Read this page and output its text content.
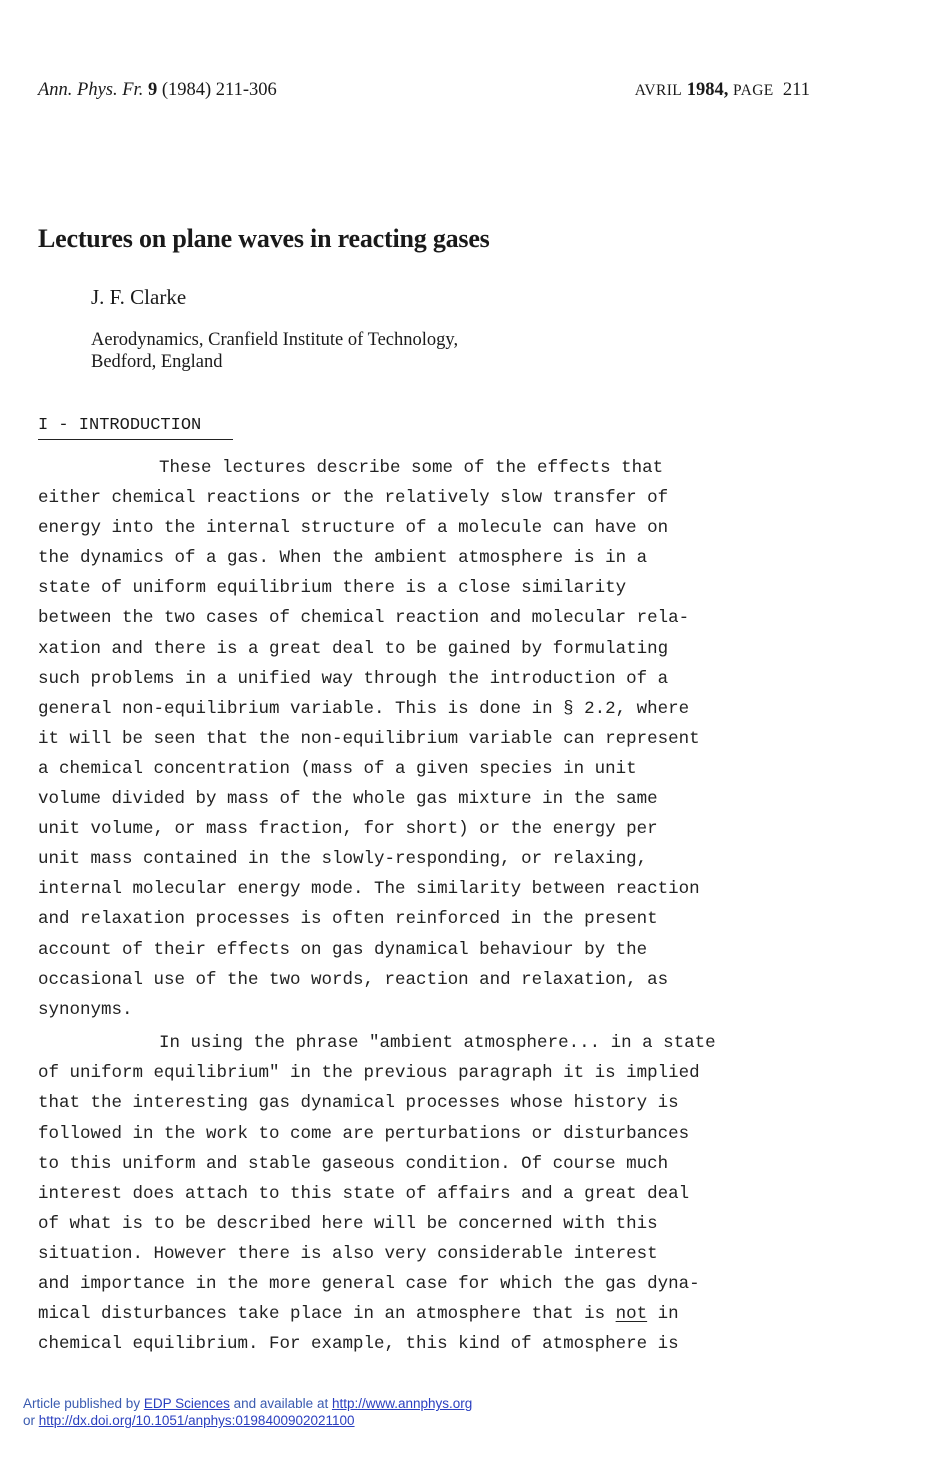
Ann. Phys. Fr. 9 (1984) 211-306	AVRIL 1984, PAGE 211
Lectures on plane waves in reacting gases
J. F. Clarke
Aerodynamics, Cranfield Institute of Technology,
Bedford, England
I - INTRODUCTION
These lectures describe some of the effects that
either chemical reactions or the relatively slow transfer of
energy into the internal structure of a molecule can have on
the dynamics of a gas. When the ambient atmosphere is in a
state of uniform equilibrium there is a close similarity
between the two cases of chemical reaction and molecular rela-
xation and there is a great deal to be gained by formulating
such problems in a unified way through the introduction of a
general non-equilibrium variable. This is done in § 2.2, where
it will be seen that the non-equilibrium variable can represent
a chemical concentration (mass of a given species in unit
volume divided by mass of the whole gas mixture in the same
unit volume, or mass fraction, for short) or the energy per
unit mass contained in the slowly-responding, or relaxing,
internal molecular energy mode. The similarity between reaction
and relaxation processes is often reinforced in the present
account of their effects on gas dynamical behaviour by the
occasional use of the two words, reaction and relaxation, as
synonyms.
In using the phrase "ambient atmosphere... in a state
of uniform equilibrium" in the previous paragraph it is implied
that the interesting gas dynamical processes whose history is
followed in the work to come are perturbations or disturbances
to this uniform and stable gaseous condition. Of course much
interest does attach to this state of affairs and a great deal
of what is to be described here will be concerned with this
situation. However there is also very considerable interest
and importance in the more general case for which the gas dyna-
mical disturbances take place in an atmosphere that is not in
chemical equilibrium. For example, this kind of atmosphere is
Article published by EDP Sciences and available at http://www.annphys.org
or http://dx.doi.org/10.1051/anphys:0198400902021100
